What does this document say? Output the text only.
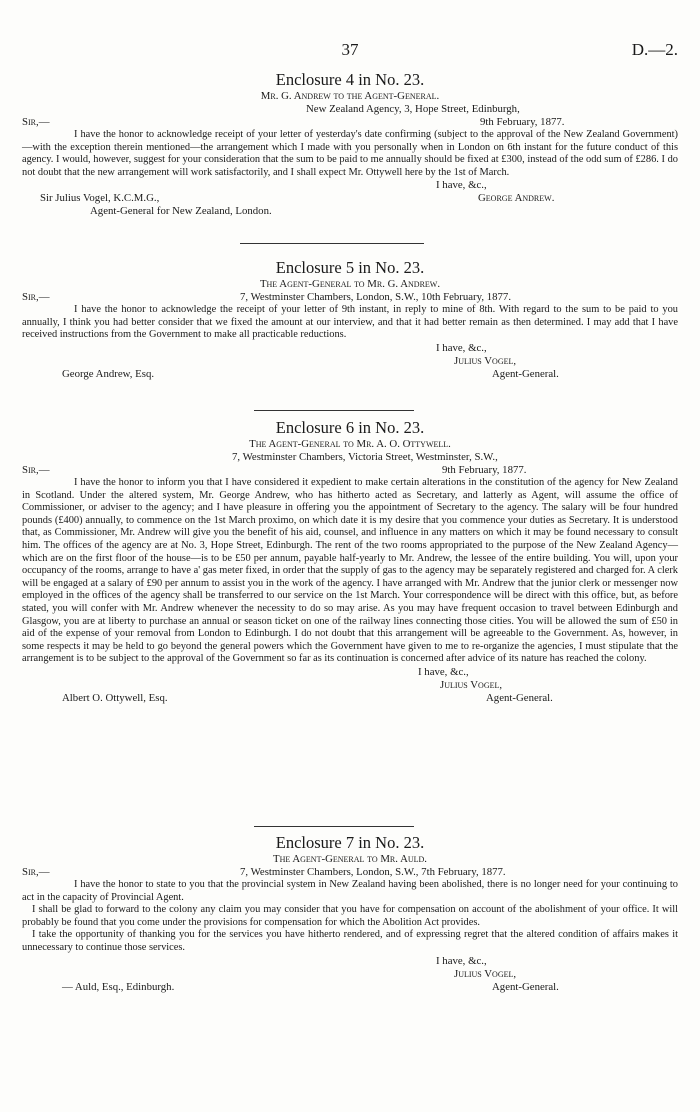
37	D.—2.
Enclosure 4 in No. 23.
Mr. G. Andrew to the Agent-General.
New Zealand Agency, 3, Hope Street, Edinburgh,
Sir,—	9th February, 1877.

I have the honor to acknowledge receipt of your letter of yesterday's date confirming (subject to the approval of the New Zealand Government)—with the exception therein mentioned—the arrangement which I made with you personally when in London on 6th instant for the future conduct of this agency. I would, however, suggest for your consideration that the sum to be paid to me annually should be fixed at £300, instead of the odd sum of £286. I do not doubt that the new arrangement will work satisfactorily, and I shall expect Mr. Ottywell here by the 1st of March.

I have, &c.,
Sir Julius Vogel, K.C.M.G.,	George Andrew.
Agent-General for New Zealand, London.
Enclosure 5 in No. 23.
The Agent-General to Mr. G. Andrew.
Sir,—	7, Westminster Chambers, London, S.W., 10th February, 1877.

I have the honor to acknowledge the receipt of your letter of 9th instant, in reply to mine of 8th. With regard to the sum to be paid to you annually, I think you had better consider that we fixed the amount at our interview, and that it had better remain as then determined. I may add that I have received instructions from the Government to make all practicable reductions.

I have, &c.,
Julius Vogel,
George Andrew, Esq.	Agent-General.
Enclosure 6 in No. 23.
The Agent-General to Mr. A. O. Ottywell.
7, Westminster Chambers, Victoria Street, Westminster, S.W.,
Sir,—	9th February, 1877.

I have the honor to inform you that I have considered it expedient to make certain alterations in the constitution of the agency for New Zealand in Scotland. Under the altered system, Mr. George Andrew, who has hitherto acted as Secretary, and latterly as Agent, will assume the office of Commissioner, or adviser to the agency; and I have pleasure in offering you the appointment of Secretary to the agency. The salary will be four hundred pounds (£400) annually, to commence on the 1st March proximo, on which date it is my desire that you commence your duties as Secretary. It is understood that, as Commissioner, Mr. Andrew will give you the benefit of his aid, counsel, and influence in any matters on which it may be found necessary to consult him. The offices of the agency are at No. 3, Hope Street, Edinburgh. The rent of the two rooms appropriated to the purpose of the New Zealand Agency—which are on the first floor of the house—is to be £50 per annum, payable half-yearly to Mr. Andrew, the lessee of the entire building. You will, upon your occupancy of the rooms, arrange to have a' gas meter fixed, in order that the supply of gas to the agency may be separately registered and charged for. A clerk will be engaged at a salary of £90 per annum to assist you in the work of the agency. I have arranged with Mr. Andrew that the junior clerk or messenger now employed in the offices of the agency shall be transferred to our service on the 1st March. Your correspondence will be direct with this office, but, as before stated, you will confer with Mr. Andrew whenever the necessity to do so may arise. As you may have frequent occasion to travel between Edinburgh and Glasgow, you are at liberty to purchase an annual or season ticket on one of the railway lines connecting those cities. You will be allowed the sum of £50 in aid of the expense of your removal from London to Edinburgh. I do not doubt that this arrangement will be agreeable to the Government. As, however, in some respects it may be held to go beyond the general powers which the Government have given to me to re-organize the agencies, I must stipulate that the arrangement is to be subject to the approval of the Government so far as its continuation is concerned after advice of its nature has reached the colony.

I have, &c.,
Julius Vogel,
Albert O. Ottywell, Esq.	Agent-General.
Enclosure 7 in No. 23.
The Agent-General to Mr. Auld.
Sir,—	7, Westminster Chambers, London, S.W., 7th February, 1877.

I have the honor to state to you that the provincial system in New Zealand having been abolished, there is no longer need for your continuing to act in the capacity of Provincial Agent.

I shall be glad to forward to the colony any claim you may consider that you have for compensation on account of the abolishment of your office. It will probably be found that you come under the provisions for compensation for which the Abolition Act provides.

I take the opportunity of thanking you for the services you have hitherto rendered, and of expressing regret that the altered condition of affairs makes it unnecessary to continue those services.

I have, &c.,
Julius Vogel,
— Auld, Esq., Edinburgh.	Agent-General.
